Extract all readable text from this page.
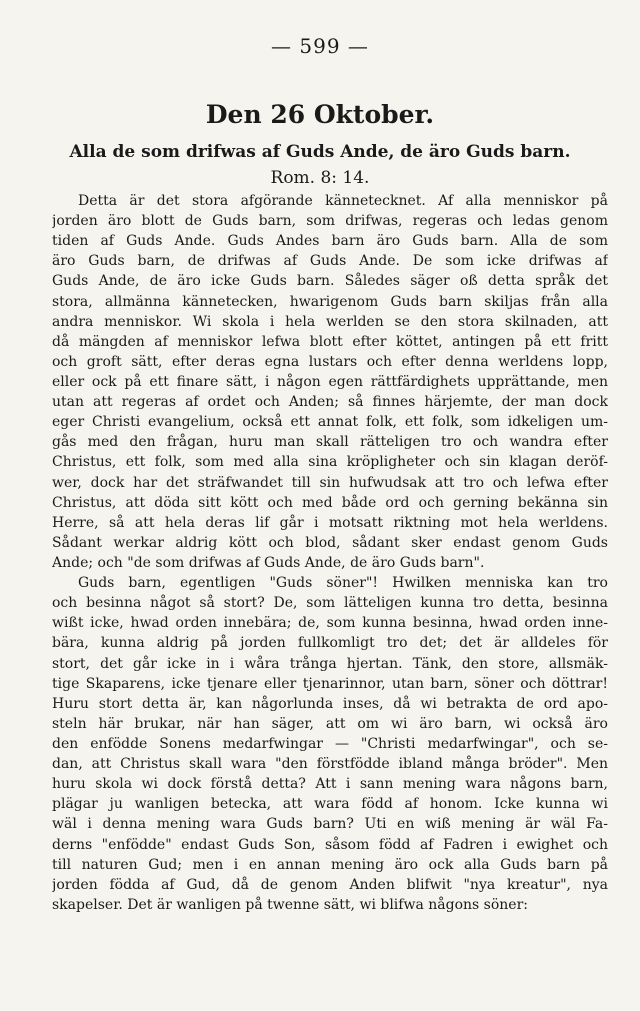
— 599 —
Den 26 Oktober.
Alla de som drifwas af Guds Ande, de äro Guds barn.
Rom. 8: 14.
Detta är det stora afgörande kännetecknet. Af alla menniskor på
jorden äro blott de Guds barn, som drifwas, regeras och ledas genom
tiden af Guds Ande. Guds Andes barn äro Guds barn. Alla de som
äro Guds barn, de drifwas af Guds Ande. De som icke drifwas af
Guds Ande, de äro icke Guds barn. Således säger oß detta språk det
stora, allmänna kännetecken, hwarigenom Guds barn skiljas från alla
andra menniskor. Wi skola i hela werlden se den stora skilnaden, att
då mängden af menniskor lefwa blott efter köttet, antingen på ett fritt
och groft sätt, efter deras egna lustars och efter denna werldens lopp,
eller ock på ett finare sätt, i någon egen rättfärdighets upprättande, men
utan att regeras af ordet och Anden; så finnes härjemte, der man dock
eger Christi evangelium, också ett annat folk, ett folk, som idkeligen um-
gås med den frågan, huru man skall rätteligen tro och wandra efter
Christus, ett folk, som med alla sina kröpligheter och sin klagan deröf-
wer, dock har det sträfwandet till sin hufwudsak att tro och lefwa efter
Christus, att döda sitt kött och med både ord och gerning bekänna sin
Herre, så att hela deras lif går i motsatt riktning mot hela werldens.
Sådant werkar aldrig kött och blod, sådant sker endast genom Guds
Ande; och "de som drifwas af Guds Ande, de äro Guds barn".
Guds barn, egentligen "Guds söner"! Hwilken menniska kan tro
och besinna något så stort? De, som lätteligen kunna tro detta, besinna
wißt icke, hwad orden innebära; de, som kunna besinna, hwad orden inne-
bära, kunna aldrig på jorden fullkomligt tro det; det är alldeles för
stort, det går icke in i wåra trånga hjertan. Tänk, den store, allsmäk-
tige Skaparens, icke tjenare eller tjenarinnor, utan barn, söner och döttrar!
Huru stort detta är, kan någorlunda inses, då wi betrakta de ord apo-
steln här brukar, när han säger, att om wi äro barn, wi också äro
den enfödde Sonens medarfwingar — "Christi medarfwingar", och se-
dan, att Christus skall wara "den förstfödde ibland många bröder". Men
huru skola wi dock förstå detta? Att i sann mening wara någons barn,
plägar ju wanligen betecka, att wara född af honom. Icke kunna wi
wäl i denna mening wara Guds barn? Uti en wiß mening är wäl Fa-
derns "enfödde" endast Guds Son, såsom född af Fadren i ewighet och
till naturen Gud; men i en annan mening äro ock alla Guds barn på
jorden födda af Gud, då de genom Anden blifwit "nya kreatur", nya
skapelser. Det är wanligen på twenne sätt, wi blifwa någons söner:
